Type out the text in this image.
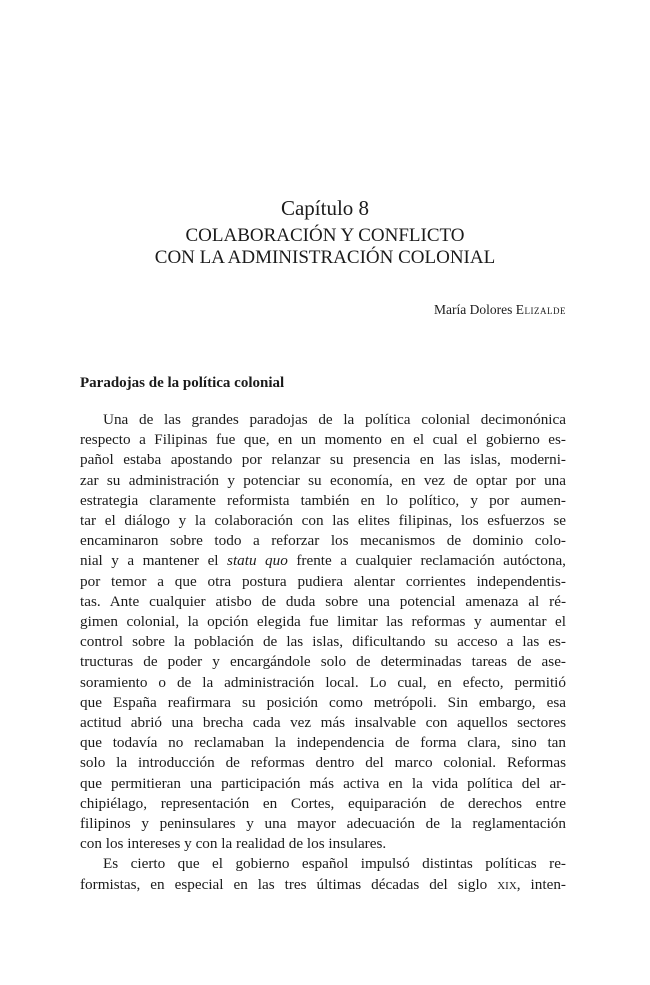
Capítulo 8
COLABORACIÓN Y CONFLICTO
CON LA ADMINISTRACIÓN COLONIAL
María Dolores Elizalde
Paradojas de la política colonial
Una de las grandes paradojas de la política colonial decimonónica
respecto a Filipinas fue que, en un momento en el cual el gobierno es-
pañol estaba apostando por relanzar su presencia en las islas, moderni-
zar su administración y potenciar su economía, en vez de optar por una
estrategia claramente reformista también en lo político, y por aumen-
tar el diálogo y la colaboración con las elites filipinas, los esfuerzos se
encaminaron sobre todo a reforzar los mecanismos de dominio colo-
nial y a mantener el statu quo frente a cualquier reclamación autóctona,
por temor a que otra postura pudiera alentar corrientes independentis-
tas. Ante cualquier atisbo de duda sobre una potencial amenaza al ré-
gimen colonial, la opción elegida fue limitar las reformas y aumentar el
control sobre la población de las islas, dificultando su acceso a las es-
tructuras de poder y encargándole solo de determinadas tareas de ase-
soramiento o de la administración local. Lo cual, en efecto, permitió
que España reafirmara su posición como metrópoli. Sin embargo, esa
actitud abrió una brecha cada vez más insalvable con aquellos sectores
que todavía no reclamaban la independencia de forma clara, sino tan
solo la introducción de reformas dentro del marco colonial. Reformas
que permitieran una participación más activa en la vida política del ar-
chipiélago, representación en Cortes, equiparación de derechos entre
filipinos y peninsulares y una mayor adecuación de la reglamentación
con los intereses y con la realidad de los insulares.
Es cierto que el gobierno español impulsó distintas políticas re-
formistas, en especial en las tres últimas décadas del siglo xix, inten-
